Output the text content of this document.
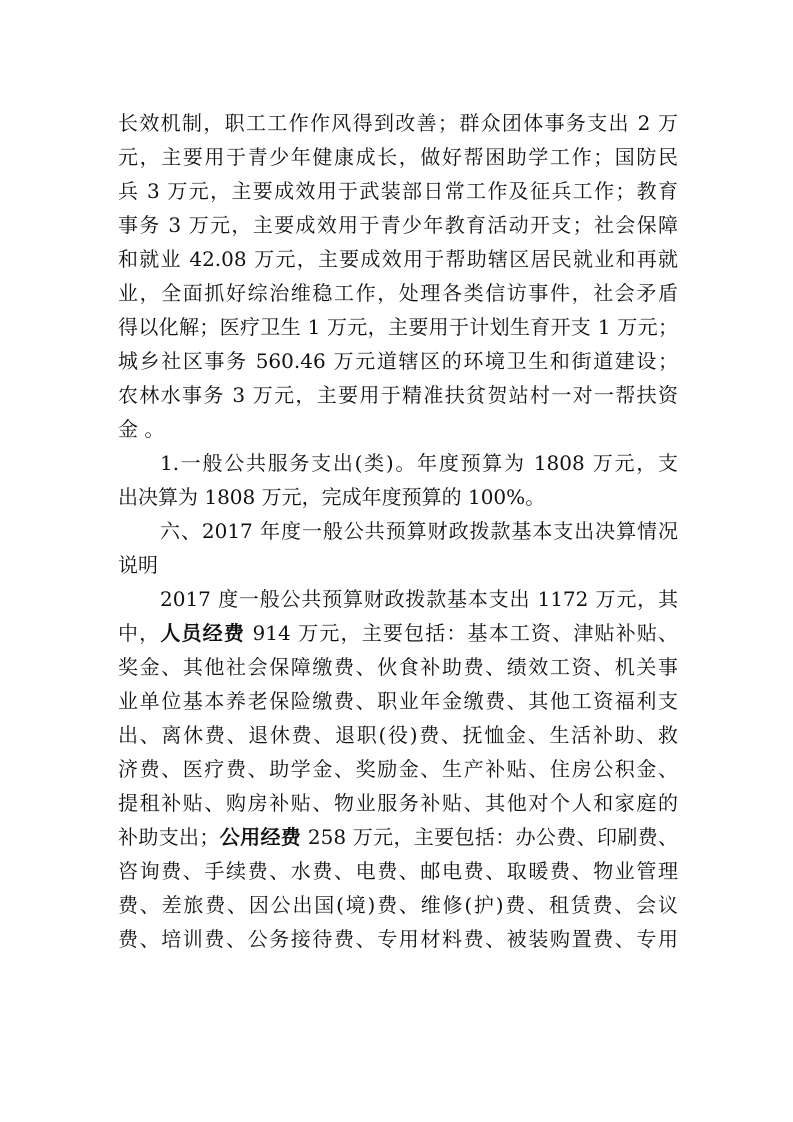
长效机制，职工工作作风得到改善；群众团体事务支出 2 万
元，主要用于青少年健康成长，做好帮困助学工作；国防民
兵 3 万元，主要成效用于武装部日常工作及征兵工作；教育
事务 3 万元，主要成效用于青少年教育活动开支；社会保障
和就业 42.08 万元，主要成效用于帮助辖区居民就业和再就
业，全面抓好综治维稳工作，处理各类信访事件，社会矛盾
得以化解；医疗卫生 1 万元，主要用于计划生育开支 1 万元；
城乡社区事务 560.46 万元道辖区的环境卫生和街道建设；
农林水事务 3 万元，主要用于精准扶贫贺站村一对一帮扶资
金 。
1.一般公共服务支出(类)。年度预算为 1808 万元，支
出决算为 1808 万元，完成年度预算的 100%。
六、2017 年度一般公共预算财政拨款基本支出决算情况
说明
2017 度一般公共预算财政拨款基本支出 1172 万元，其
中，人员经费 914 万元，主要包括：基本工资、津贴补贴、
奖金、其他社会保障缴费、伙食补助费、绩效工资、机关事
业单位基本养老保险缴费、职业年金缴费、其他工资福利支
出、离休费、退休费、退职(役)费、抚恤金、生活补助、救
济费、医疗费、助学金、奖励金、生产补贴、住房公积金、
提租补贴、购房补贴、物业服务补贴、其他对个人和家庭的
补助支出；公用经费 258 万元，主要包括：办公费、印刷费、
咨询费、手续费、水费、电费、邮电费、取暖费、物业管理
费、差旅费、因公出国(境)费、维修(护)费、租赁费、会议
费、培训费、公务接待费、专用材料费、被装购置费、专用
